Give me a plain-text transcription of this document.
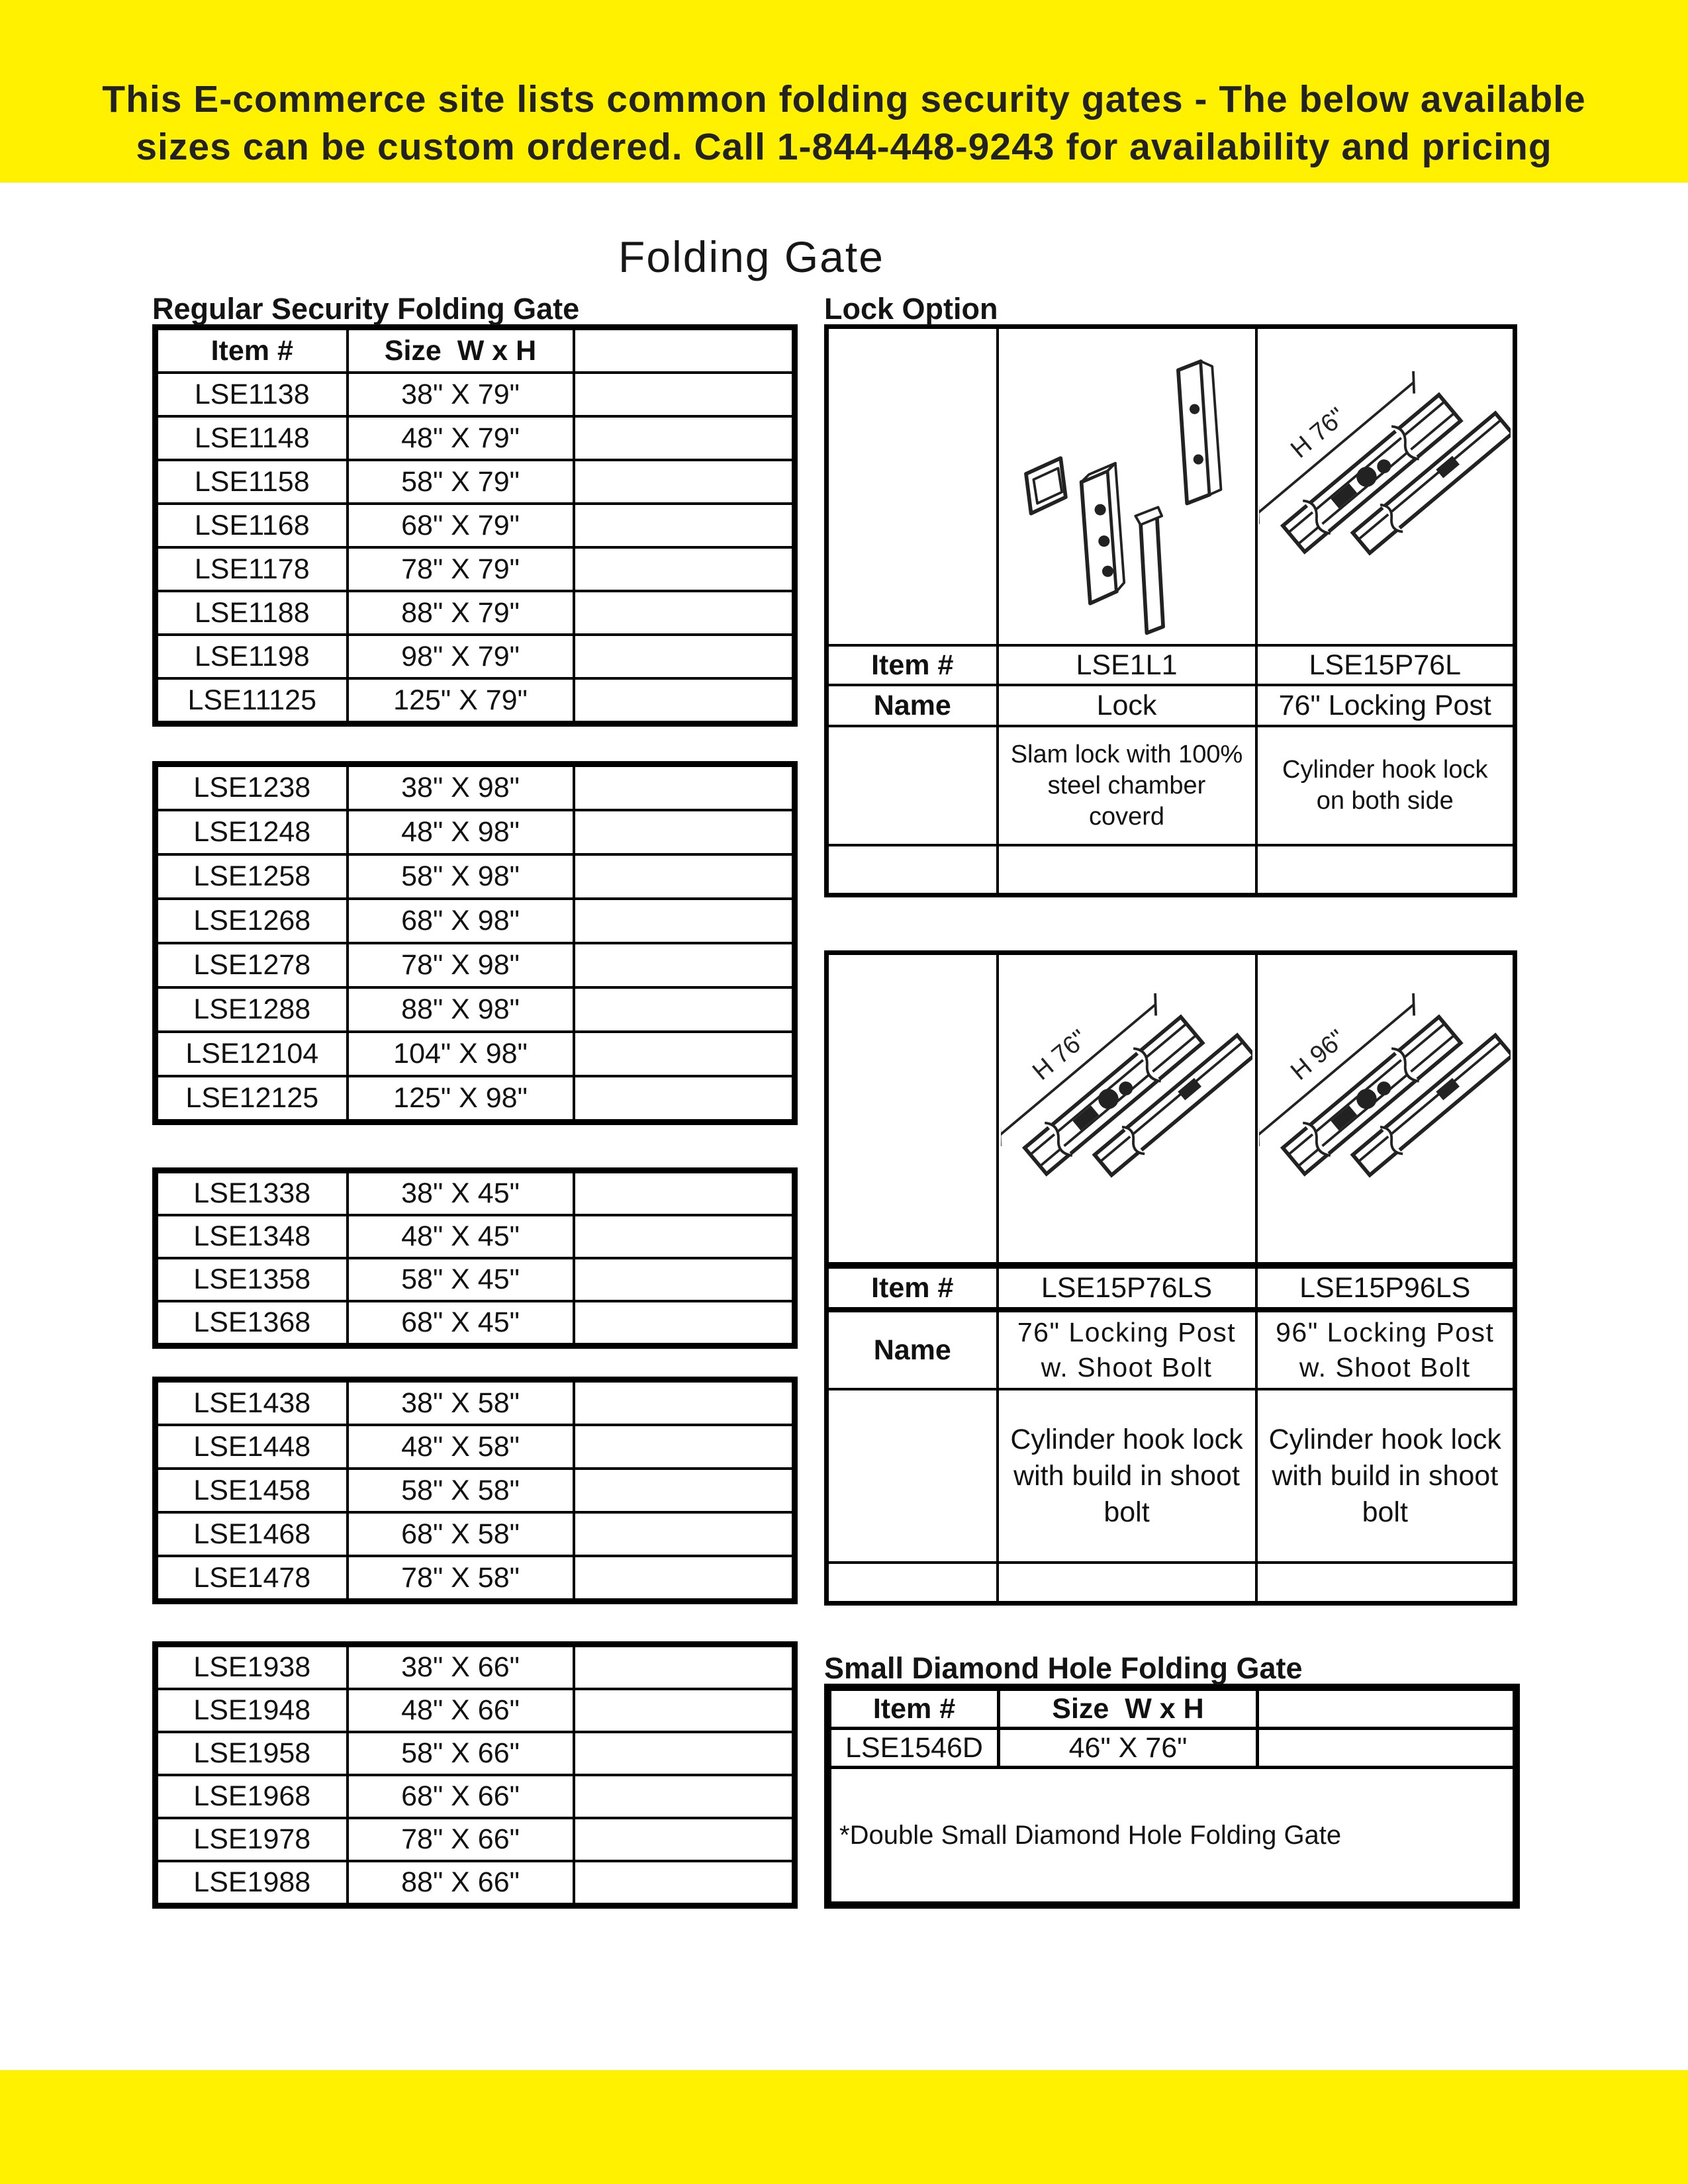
This E-commerce site lists common folding security gates - The below available
sizes can be custom ordered. Call 1-844-448-9243 for availability and pricing
Folding Gate
Regular Security Folding Gate
Item #	Size  W x H	
LSE1138	38" X 79"	
LSE1148	48" X 79"	
LSE1158	58" X 79"	
LSE1168	68" X 79"	
LSE1178	78" X 79"	
LSE1188	88" X 79"	
LSE1198	98" X 79"	
LSE11125	125" X 79"	
LSE1238	38" X 98"	
LSE1248	48" X 98"	
LSE1258	58" X 98"	
LSE1268	68" X 98"	
LSE1278	78" X 98"	
LSE1288	88" X 98"	
LSE12104	104" X 98"	
LSE12125	125" X 98"	
LSE1338	38" X 45"	
LSE1348	48" X 45"	
LSE1358	58" X 45"	
LSE1368	68" X 45"	
LSE1438	38" X 58"	
LSE1448	48" X 58"	
LSE1458	58" X 58"	
LSE1468	68" X 58"	
LSE1478	78" X 58"	
LSE1938	38" X 66"	
LSE1948	48" X 66"	
LSE1958	58" X 66"	
LSE1968	68" X 66"	
LSE1978	78" X 66"	
LSE1988	88" X 66"	
Lock Option

H 76"

Item #	LSE1L1	LSE15P76L
Name	Lock	76" Locking Post
	Slam lock with 100% steel chamber coverd	Cylinder hook lock on both side

H 76"	H 96"

Item #	LSE15P76LS	LSE15P96LS
Name	76" Locking Post w. Shoot Bolt	96" Locking Post w. Shoot Bolt
	Cylinder hook lock with build in shoot bolt	Cylinder hook lock with build in shoot bolt

Small Diamond Hole Folding Gate
Item #	Size  W x H	
LSE1546D	46" X 76"	
*Double Small Diamond Hole Folding Gate		
